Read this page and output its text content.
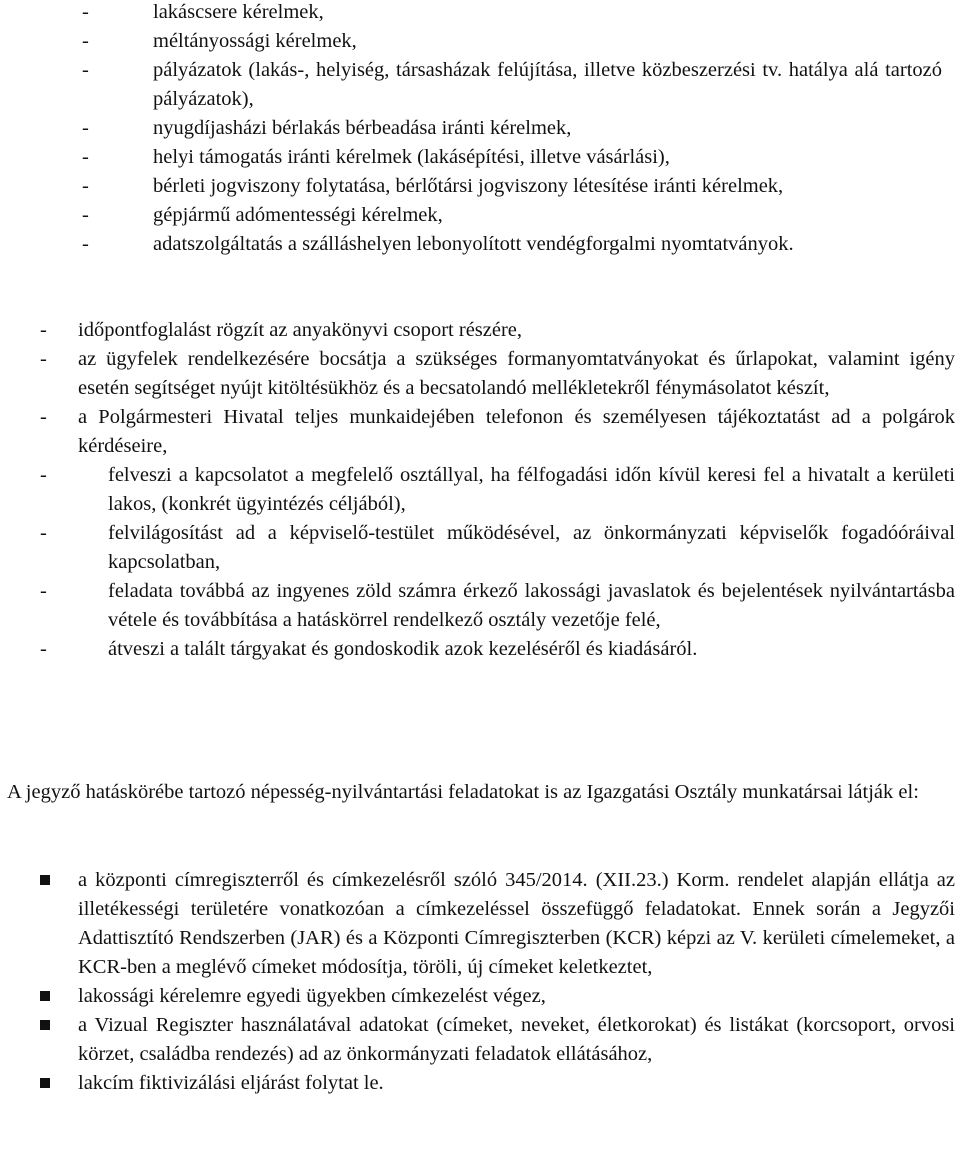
-	lakáscsere kérelmek,
-	méltányossági kérelmek,
-	pályázatok (lakás-, helyiség, társasházak felújítása, illetve közbeszerzési tv. hatálya alá tartozó pályázatok),
-	nyugdíjasházi bérlakás bérbeadása iránti kérelmek,
-	helyi támogatás iránti kérelmek (lakásépítési, illetve vásárlási),
-	bérleti jogviszony folytatása, bérlőtársi jogviszony létesítése iránti kérelmek,
-	gépjármű adómentességi kérelmek,
-	adatszolgáltatás a szálláshelyen lebonyolított vendégforgalmi nyomtatványok.
- időpontfoglalást rögzít az anyakönyvi csoport részére,
- az ügyfelek rendelkezésére bocsátja a szükséges formanyomtatványokat és űrlapokat, valamint igény esetén segítséget nyújt kitöltésükhöz és a becsatolandó mellékletekről fénymásolatot készít,
- a Polgármesteri Hivatal teljes munkaidejében telefonon és személyesen tájékoztatást ad a polgárok kérdéseire,
-	felveszi a kapcsolatot a megfelelő osztállyal, ha félfogadási időn kívül keresi fel a hivatalt a kerületi lakos, (konkrét ügyintézés céljából),
-	felvilágosítást ad a képviselő-testület működésével, az önkormányzati képviselők fogadóóráival kapcsolatban,
-	feladata továbbá az ingyenes zöld számra érkező lakossági javaslatok és bejelentések nyilvántartásba vétele és továbbítása a hatáskörrel rendelkező osztály vezetője felé,
-	átveszi a talált tárgyakat és gondoskodik azok kezeléséről és kiadásáról.

A jegyző hatáskörébe tartozó népesség-nyilvántartási feladatokat is az Igazgatási Osztály munkatársai látják el:

a központi címregiszterről és címkezelésről szóló 345/2014. (XII.23.) Korm. rendelet alapján ellátja az illetékességi területére vonatkozóan a címkezeléssel összefüggő feladatokat. Ennek során a Jegyzői Adattisztító Rendszerben (JAR) és a Központi Címregiszterben (KCR) képzi az V. kerületi címelemeket, a KCR-ben a meglévő címeket módosítja, töröli, új címeket keletkeztet,
lakossági kérelemre egyedi ügyekben címkezelést végez,
a Vizual Regiszter használatával adatokat (címeket, neveket, életkorokat) és listákat (korcsoport, orvosi körzet, családba rendezés) ad az önkormányzati feladatok ellátásához,
lakcím fiktivizálási eljárást folytat le.
